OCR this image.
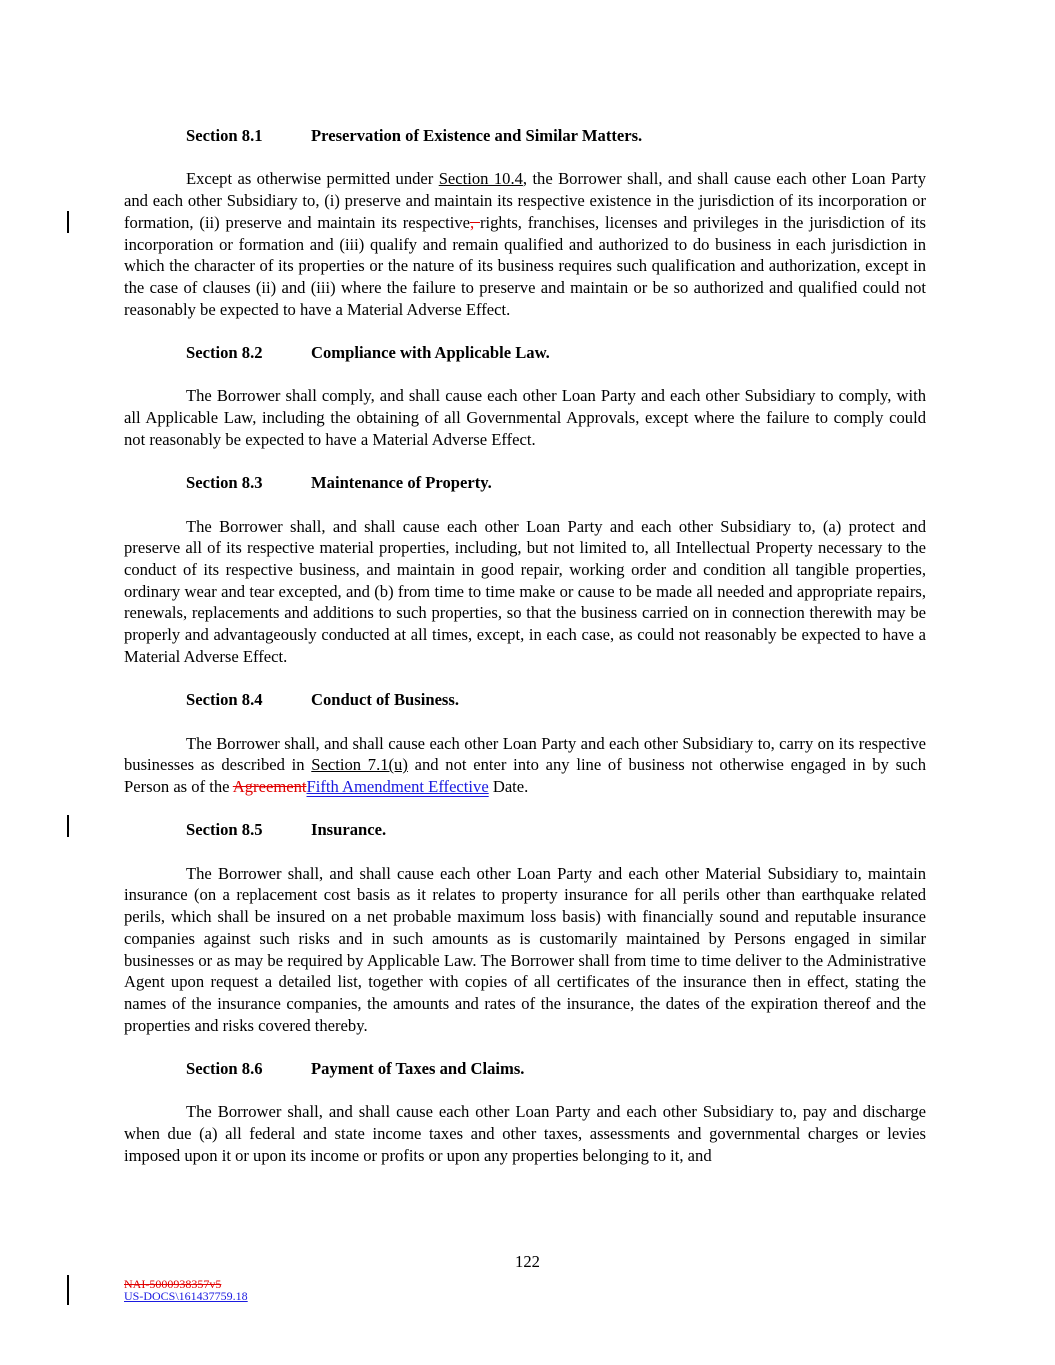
Section 8.1	Preservation of Existence and Similar Matters.
Except as otherwise permitted under Section 10.4, the Borrower shall, and shall cause each other Loan Party and each other Subsidiary to, (i) preserve and maintain its respective existence in the jurisdiction of its incorporation or formation, (ii) preserve and maintain its respective, rights, franchises, licenses and privileges in the jurisdiction of its incorporation or formation and (iii) qualify and remain qualified and authorized to do business in each jurisdiction in which the character of its properties or the nature of its business requires such qualification and authorization, except in the case of clauses (ii) and (iii) where the failure to preserve and maintain or be so authorized and qualified could not reasonably be expected to have a Material Adverse Effect.
Section 8.2	Compliance with Applicable Law.
The Borrower shall comply, and shall cause each other Loan Party and each other Subsidiary to comply, with all Applicable Law, including the obtaining of all Governmental Approvals, except where the failure to comply could not reasonably be expected to have a Material Adverse Effect.
Section 8.3	Maintenance of Property.
The Borrower shall, and shall cause each other Loan Party and each other Subsidiary to, (a) protect and preserve all of its respective material properties, including, but not limited to, all Intellectual Property necessary to the conduct of its respective business, and maintain in good repair, working order and condition all tangible properties, ordinary wear and tear excepted, and (b) from time to time make or cause to be made all needed and appropriate repairs, renewals, replacements and additions to such properties, so that the business carried on in connection therewith may be properly and advantageously conducted at all times, except, in each case, as could not reasonably be expected to have a Material Adverse Effect.
Section 8.4	Conduct of Business.
The Borrower shall, and shall cause each other Loan Party and each other Subsidiary to, carry on its respective businesses as described in Section 7.1(u) and not enter into any line of business not otherwise engaged in by such Person as of the AgreementFifth Amendment Effective Date.
Section 8.5	Insurance.
The Borrower shall, and shall cause each other Loan Party and each other Material Subsidiary to, maintain insurance (on a replacement cost basis as it relates to property insurance for all perils other than earthquake related perils, which shall be insured on a net probable maximum loss basis) with financially sound and reputable insurance companies against such risks and in such amounts as is customarily maintained by Persons engaged in similar businesses or as may be required by Applicable Law. The Borrower shall from time to time deliver to the Administrative Agent upon request a detailed list, together with copies of all certificates of the insurance then in effect, stating the names of the insurance companies, the amounts and rates of the insurance, the dates of the expiration thereof and the properties and risks covered thereby.
Section 8.6	Payment of Taxes and Claims.
The Borrower shall, and shall cause each other Loan Party and each other Subsidiary to, pay and discharge when due (a) all federal and state income taxes and other taxes, assessments and governmental charges or levies imposed upon it or upon its income or profits or upon any properties belonging to it, and
122
NAI-5000938357v5
US-DOCS\161437759.18
